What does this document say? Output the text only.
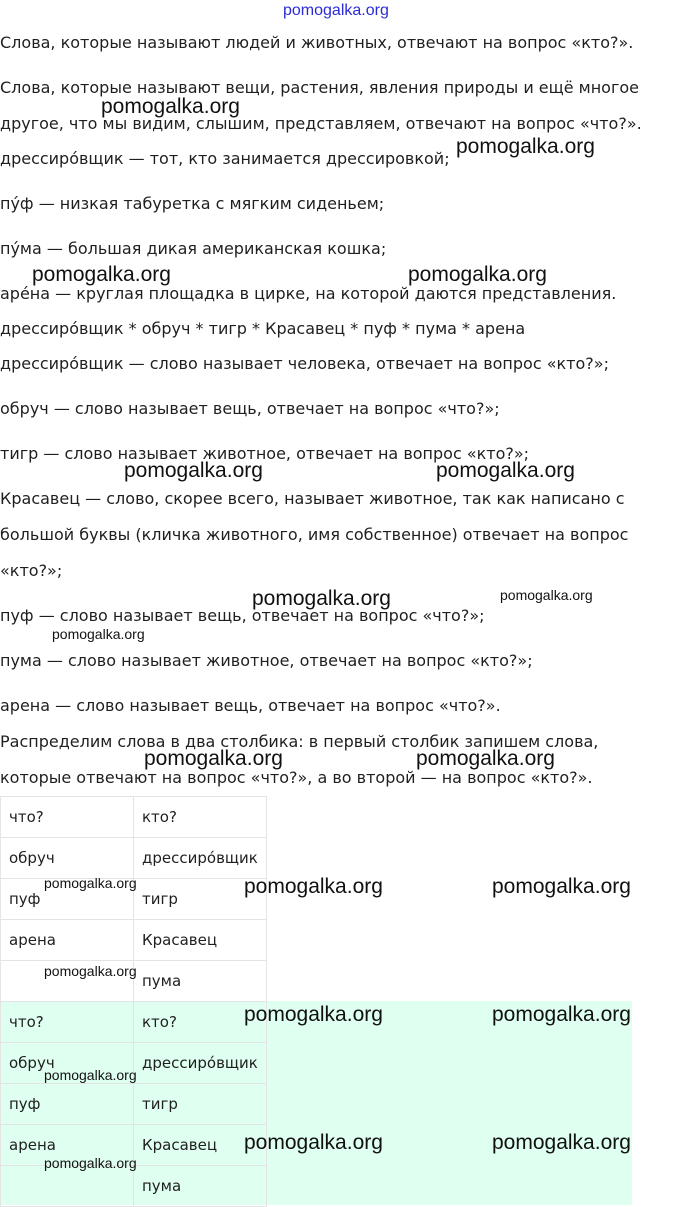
pomogalka.org

Слова, которые называют людей и животных, отвечают на вопрос «кто?».

Слова, которые называют вещи, растения, явления природы и ещё многое

другое, что мы видим, слышим, представляем, отвечают на вопрос «что?».

дрессиро́вщик — тот, кто занимается дрессировкой;

пу́ф — низкая табуретка с мягким сиденьем;

пу́ма — большая дикая американская кошка;

аре́на — круглая площадка в цирке, на которой даются представления.

дрессиро́вщик * обруч * тигр * Красавец * пуф * пума * арена

дрессиро́вщик — слово называет человека, отвечает на вопрос «кто?»;

обруч — слово называет вещь, отвечает на вопрос «что?»;

тигр — слово называет животное, отвечает на вопрос «кто?»;

Красавец — слово, скорее всего, называет животное, так как написано с

большой буквы (кличка животного, имя собственное) отвечает на вопрос

«кто?»;

пуф — слово называет вещь, отвечает на вопрос «что?»;

пума — слово называет животное, отвечает на вопрос «кто?»;

арена — слово называет вещь, отвечает на вопрос «что?».

Распределим слова в два столбика: в первый столбик запишем слова,

которые отвечают на вопрос «что?», а во второй — на вопрос «кто?».

что?	кто?
обруч	дрессиро́вщик
пуф	тигр
арена	Красавец
	пума
что?	кто?
обруч	дрессиро́вщик
пуф	тигр
арена	Красавец
	пума
pomogalka.org
pomogalka.org
pomogalka.org	pomogalka.org
pomogalka.org	pomogalka.org
pomogalka.org	pomogalka.org
pomogalka.org
pomogalka.org	pomogalka.org
pomogalka.org	pomogalka.org	pomogalka.org
pomogalka.org
pomogalka.org	pomogalka.org
pomogalka.org
pomogalka.org	pomogalka.org
pomogalka.org
